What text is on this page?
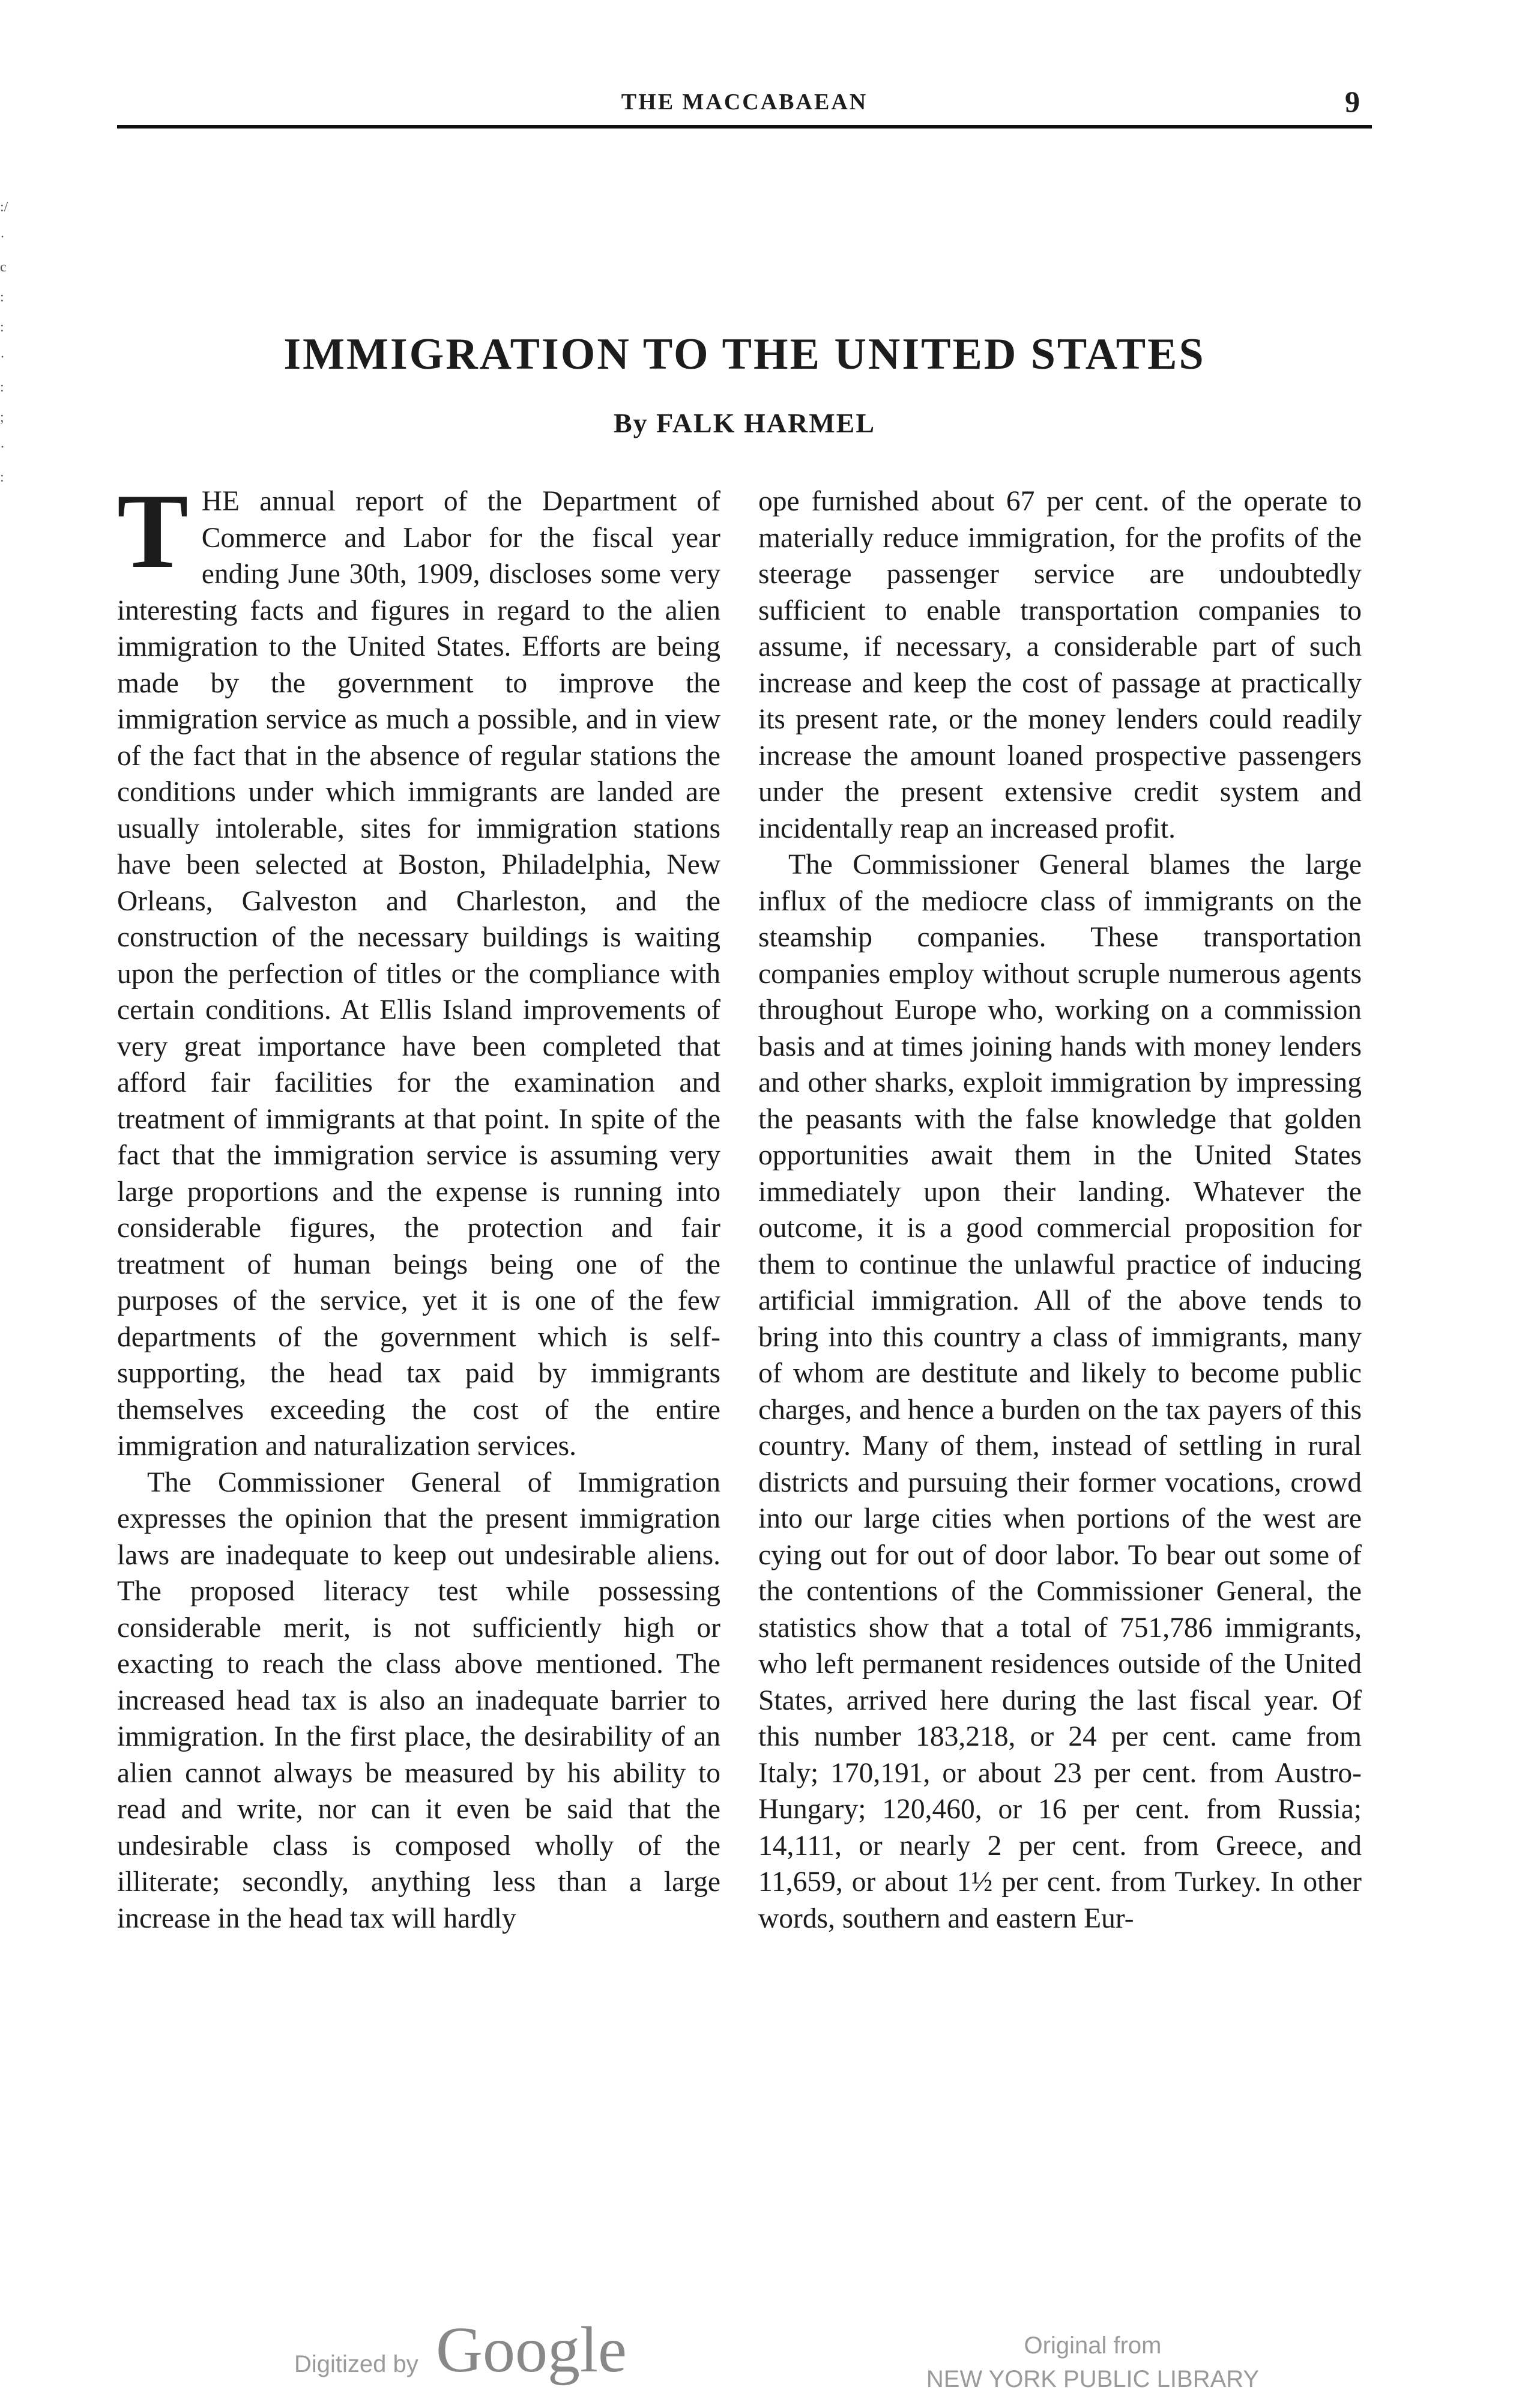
THE MACCABAEAN	9
:/
·
c
:
:
·
:
;
·
:
IMMIGRATION TO THE UNITED STATES
By FALK HARMEL

THE annual report of the Department of Commerce and Labor for the fiscal year ending June 30th, 1909, discloses some very interesting facts and figures in regard to the alien immigration to the United States. Efforts are being made by the government to improve the immigration service as much a possible, and in view of the fact that in the absence of regular stations the conditions under which immigrants are landed are usually intolerable, sites for immigration stations have been selected at Boston, Philadelphia, New Orleans, Galveston and Charleston, and the construction of the necessary buildings is waiting upon the perfection of titles or the compliance with certain conditions. At Ellis Island improvements of very great importance have been completed that afford fair facilities for the examination and treatment of immigrants at that point. In spite of the fact that the immigration service is assuming very large proportions and the expense is running into considerable figures, the protection and fair treatment of human beings being one of the purposes of the service, yet it is one of the few departments of the government which is self-supporting, the head tax paid by immigrants themselves exceeding the cost of the entire immigration and naturalization services.

The Commissioner General of Immigration expresses the opinion that the present immigration laws are inadequate to keep out undesirable aliens. The proposed literacy test while possessing considerable merit, is not sufficiently high or exacting to reach the class above mentioned. The increased head tax is also an inadequate barrier to immigration. In the first place, the desirability of an alien cannot always be measured by his ability to read and write, nor can it even be said that the undesirable class is composed wholly of the illiterate; secondly, anything less than a large increase in the head tax will hardly

ope furnished about 67 per cent. of the operate to materially reduce immigration, for the profits of the steerage passenger service are undoubtedly sufficient to enable transportation companies to assume, if necessary, a considerable part of such increase and keep the cost of passage at practically its present rate, or the money lenders could readily increase the amount loaned prospective passengers under the present extensive credit system and incidentally reap an increased profit.

The Commissioner General blames the large influx of the mediocre class of immigrants on the steamship companies. These transportation companies employ without scruple numerous agents throughout Europe who, working on a commission basis and at times joining hands with money lenders and other sharks, exploit immigration by impressing the peasants with the false knowledge that golden opportunities await them in the United States immediately upon their landing. Whatever the outcome, it is a good commercial proposition for them to continue the unlawful practice of inducing artificial immigration. All of the above tends to bring into this country a class of immigrants, many of whom are destitute and likely to become public charges, and hence a burden on the tax payers of this country. Many of them, instead of settling in rural districts and pursuing their former vocations, crowd into our large cities when portions of the west are cying out for out of door labor. To bear out some of the contentions of the Commissioner General, the statistics show that a total of 751,786 immigrants, who left permanent residences outside of the United States, arrived here during the last fiscal year. Of this number 183,218, or 24 per cent. came from Italy; 170,191, or about 23 per cent. from Austro-Hungary; 120,460, or 16 per cent. from Russia; 14,111, or nearly 2 per cent. from Greece, and 11,659, or about 1½ per cent. from Turkey. In other words, southern and eastern Eur-

Digitized by Google	Original from
NEW YORK PUBLIC LIBRARY
